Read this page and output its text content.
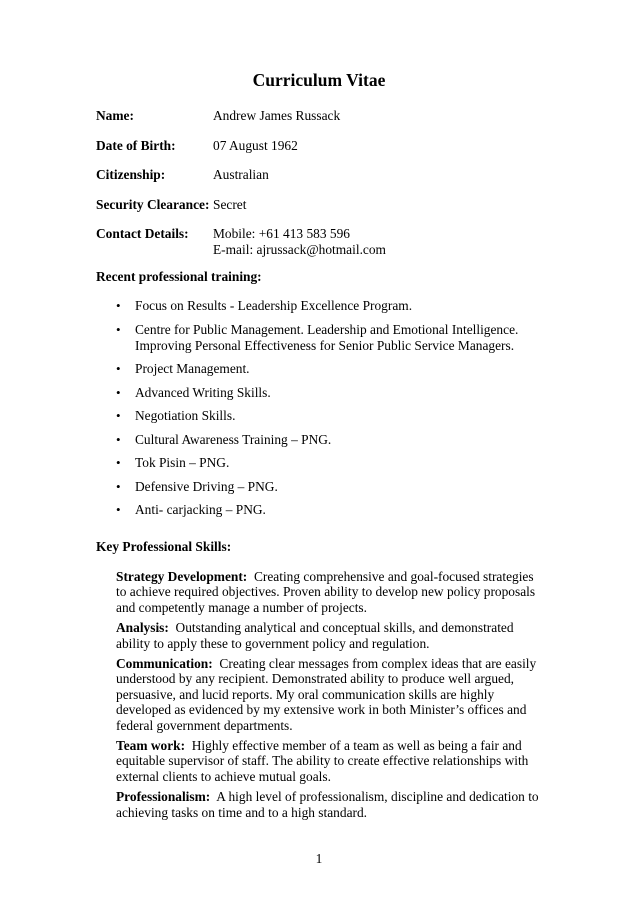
Curriculum Vitae
Name:	Andrew James Russack
Date of Birth:	07 August 1962
Citizenship:	Australian
Security Clearance: Secret
Contact Details: Mobile: +61 413 583 596
E-mail: ajrussack@hotmail.com
Recent professional training:
• Focus on Results - Leadership Excellence Program.
• Centre for Public Management. Leadership and Emotional Intelligence. Improving Personal Effectiveness for Senior Public Service Managers.
• Project Management.
• Advanced Writing Skills.
• Negotiation Skills.
• Cultural Awareness Training – PNG.
• Tok Pisin – PNG.
• Defensive Driving – PNG.
• Anti- carjacking – PNG.
Key Professional Skills:
Strategy Development: Creating comprehensive and goal-focused strategies to achieve required objectives. Proven ability to develop new policy proposals and competently manage a number of projects.
Analysis: Outstanding analytical and conceptual skills, and demonstrated ability to apply these to government policy and regulation.
Communication: Creating clear messages from complex ideas that are easily understood by any recipient. Demonstrated ability to produce well argued, persuasive, and lucid reports. My oral communication skills are highly developed as evidenced by my extensive work in both Minister’s offices and federal government departments.
Team work: Highly effective member of a team as well as being a fair and equitable supervisor of staff. The ability to create effective relationships with external clients to achieve mutual goals.
Professionalism: A high level of professionalism, discipline and dedication to achieving tasks on time and to a high standard.
1
